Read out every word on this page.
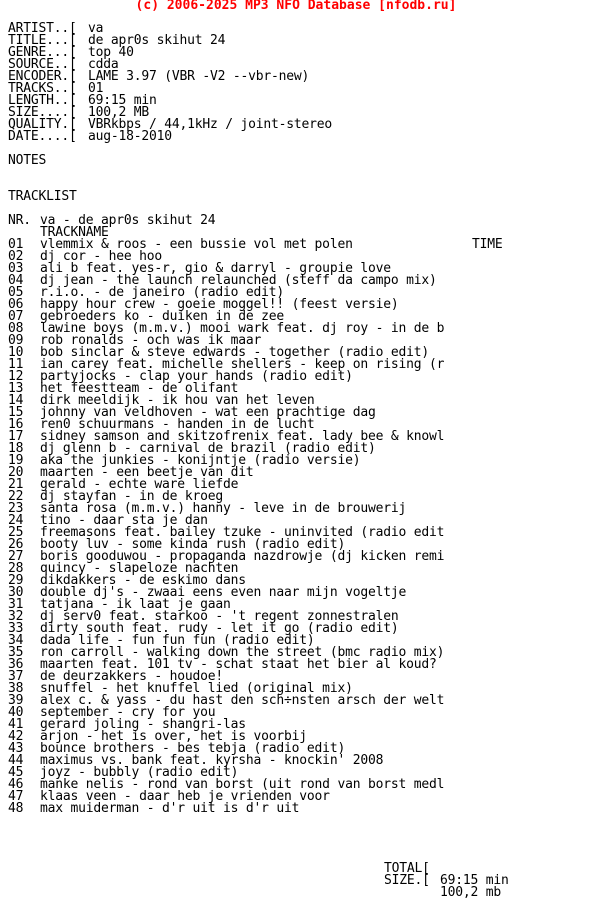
(c) 2006-2025 MP3 NFO Database [nfodb.ru]
ARTIST..[ va
TITLE...[ de apr0s skihut 24
GENRE...[ top 40
SOURCE..[ cdda
ENCODER.[ LAME 3.97 (VBR -V2 --vbr-new)
TRACKS..[ 01
LENGTH..[ 69:15 min
SIZE....[ 100,2 MB
QUALITY.[ VBRkbps / 44,1kHz / joint-stereo
DATE....[ aug-18-2010
NOTES
TRACKLIST

NR.

TRACKNAME

TIME

va - de apr0s skihut 24
01 vlemmix & roos - een bussie vol met polen
02 dj cor - hee hoo
03 ali b feat. yes-r, gio & darryl - groupie love
04 dj jean - the launch relaunched (steff da campo mix)
05 r.i.o. - de janeiro (radio edit)
06 happy hour crew - goeie moggel!! (feest versie)
07 gebroeders ko - duiken in de zee
08 lawine boys (m.m.v.) mooi wark feat. dj roy - in de b
09 rob ronalds - och was ik maar
10 bob sinclar & steve edwards - together (radio edit)
11 ian carey feat. michelle shellers - keep on rising (r
12 partyjocks - clap your hands (radio edit)
13 het feestteam - de olifant
14 dirk meeldijk - ik hou van het leven
15 johnny van veldhoven - wat een prachtige dag
16 ren0 schuurmans - handen in de lucht
17 sidney samson and skitzofrenix feat. lady bee & knowl
18 dj glenn b - carnival de brazil (radio edit)
19 aka the junkies - konijntje (radio versie)
20 maarten - een beetje van dit
21 gerald - echte ware liefde
22 dj stayfan - in de kroeg
23 santa rosa (m.m.v.) hanny - leve in de brouwerij
24 tino - daar sta je dan
25 freemasons feat. bailey tzuke - uninvited (radio edit
26 booty luv - some kinda rush (radio edit)
27 boris gooduwou - propaganda nazdrowje (dj kicken remi
28 quincy - slapeloze nachten
29 dikdakkers - de eskimo dans
30 double dj's - zwaai eens even naar mijn vogeltje
31 tatjana - ik laat je gaan
32 dj serv0 feat. starkoo - 't regent zonnestralen
33 dirty south feat. rudy - let it go (radio edit)
34 dada life - fun fun fun (radio edit)
35 ron carroll - walking down the street (bmc radio mix)
36 maarten feat. 101 tv - schat staat het bier al koud?
37 de deurzakkers - houdoe!
38 snuffel - het knuffel lied (original mix)
39 alex c. & yass - du hast den sch÷nsten arsch der welt
40 september - cry for you
41 gerard joling - shangri-las
42 arjon - het is over, het is voorbij
43 bounce brothers - bes tebja (radio edit)
44 maximus vs. bank feat. kyrsha - knockin' 2008
45 joyz - bubbly (radio edit)
46 manke nelis - rond van borst (uit rond van borst medl
47 klaas veen - daar heb je vrienden voor
48 max muiderman - d'r uit is d'r uit

TOTAL[

69:15 min

SIZE.[

100,2 mb
